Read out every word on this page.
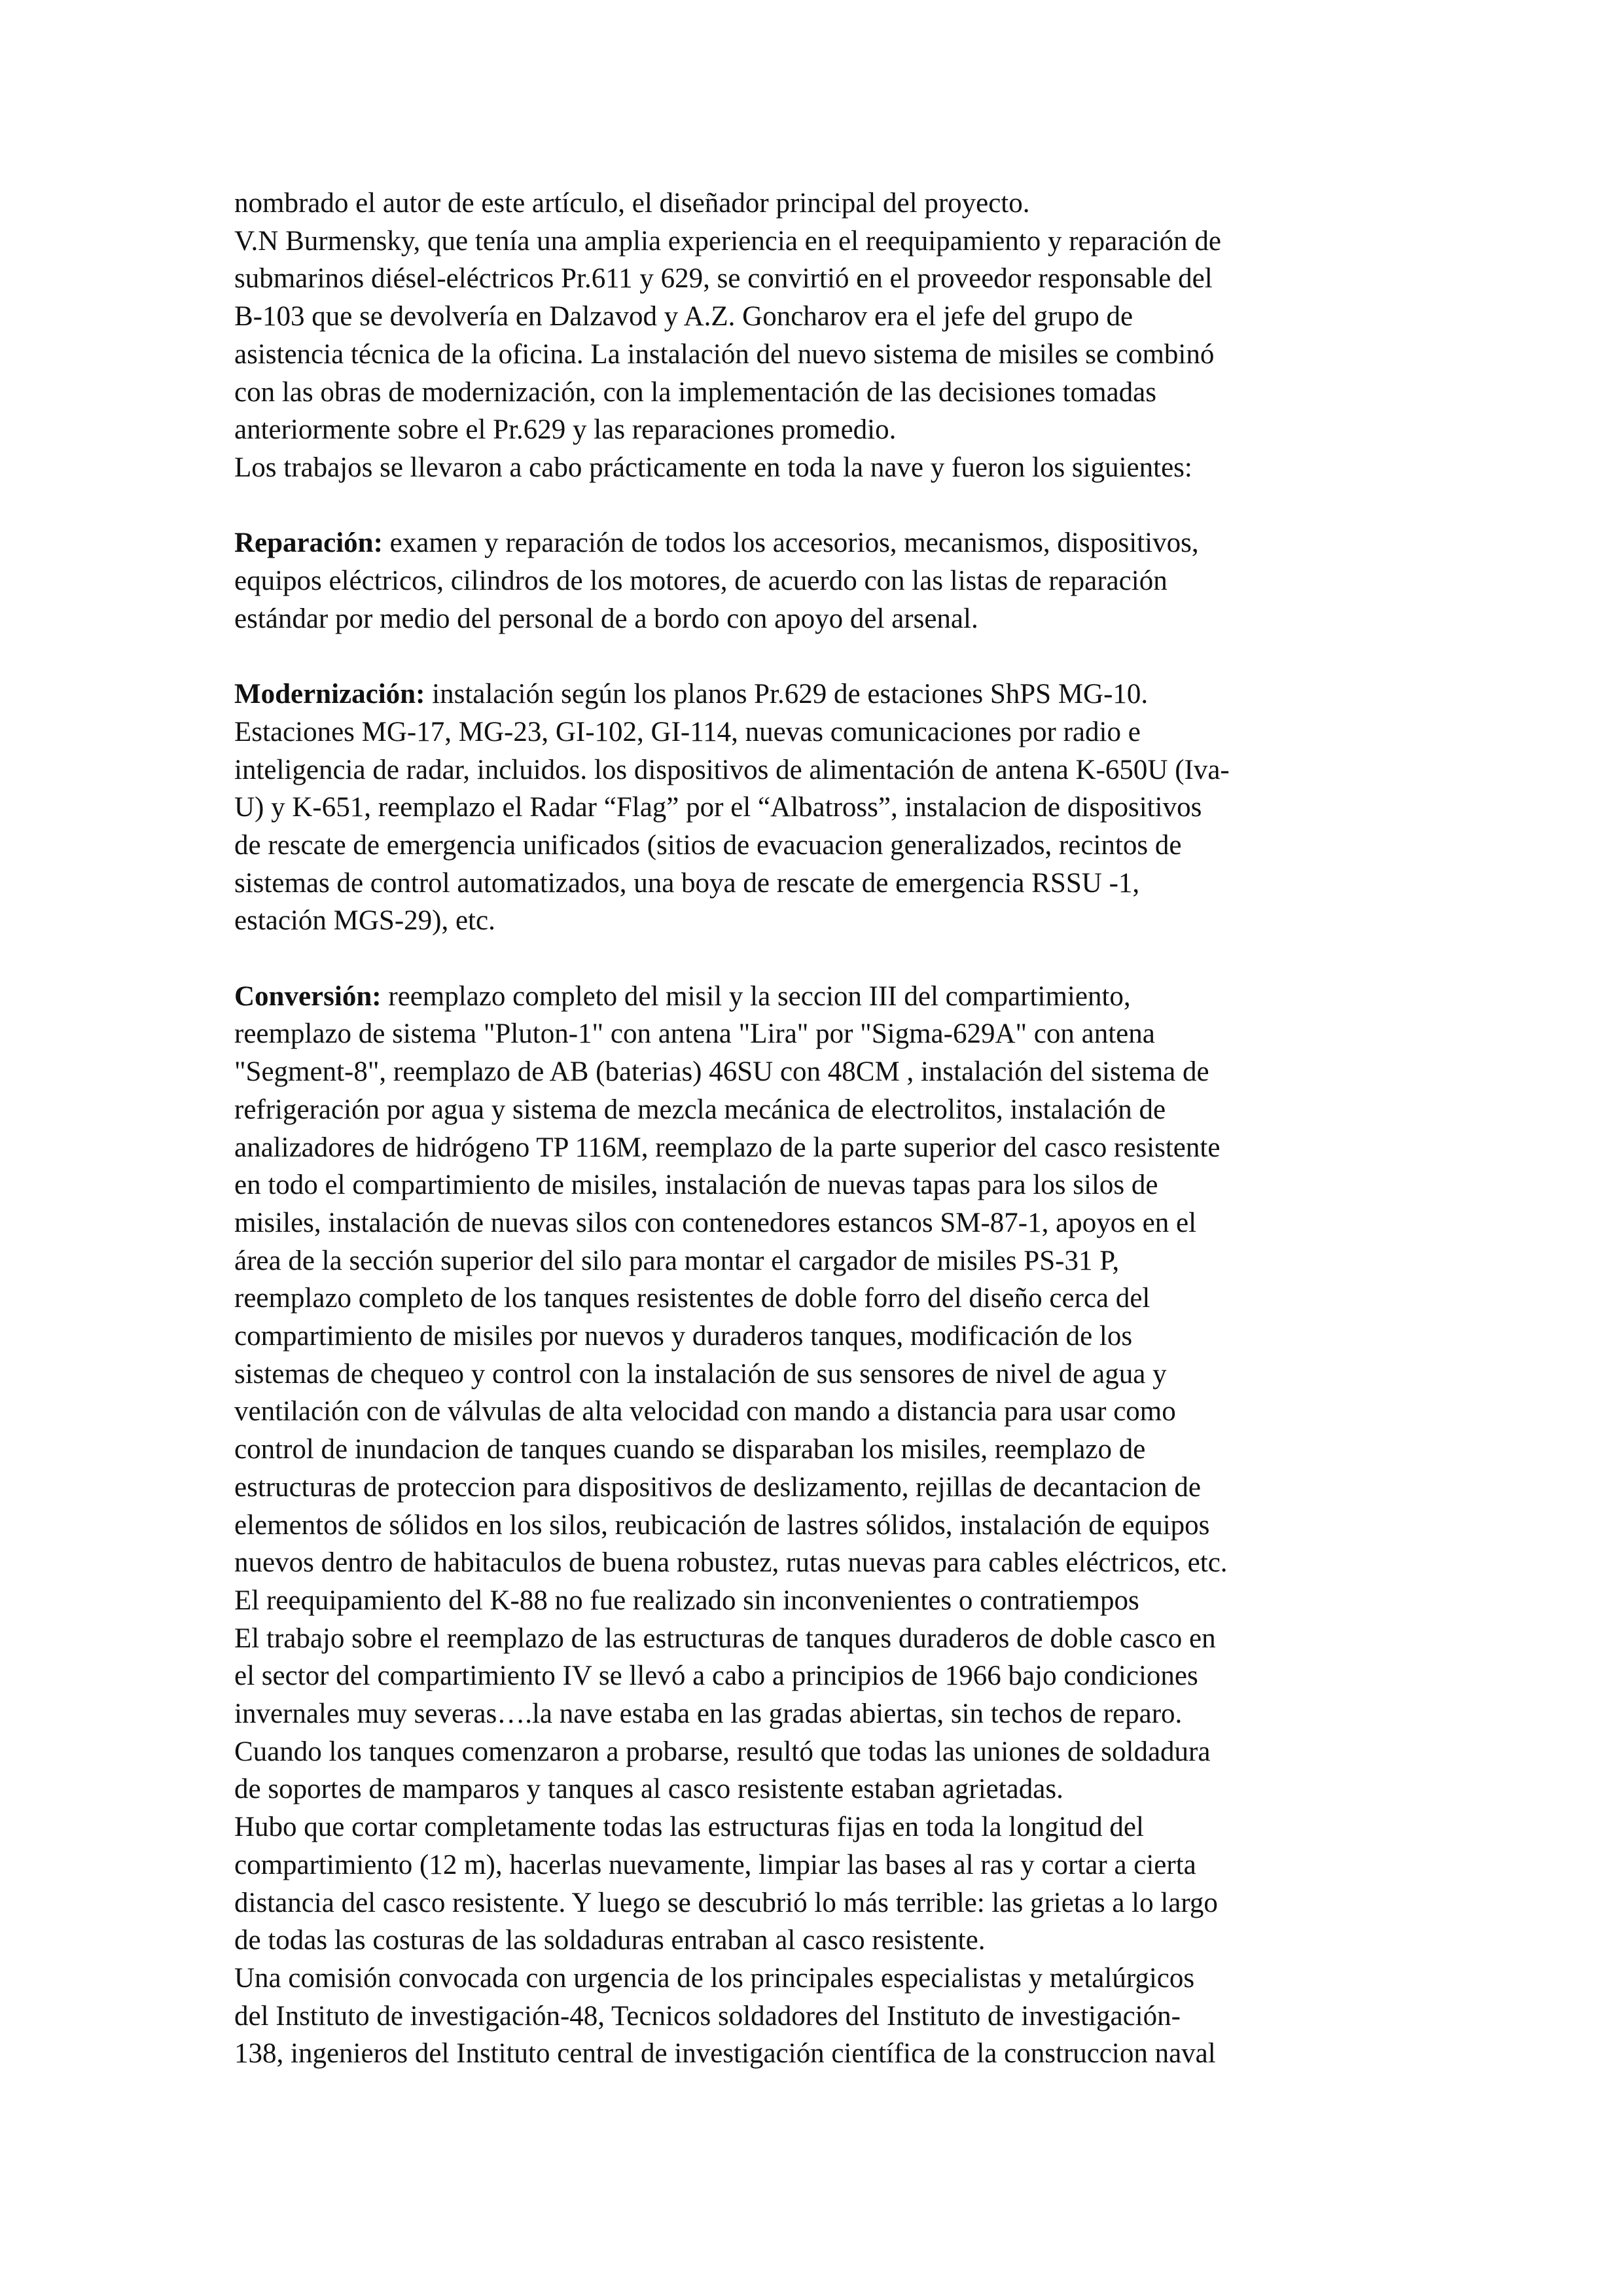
nombrado el autor de este artículo, el diseñador principal del proyecto.

V.N Burmensky, que tenía una amplia experiencia en el reequipamiento y reparación de

submarinos diésel-eléctricos Pr.611 y 629, se convirtió en el proveedor responsable del

B-103 que se devolvería en Dalzavod y A.Z. Goncharov era el jefe del grupo de

asistencia técnica de la oficina. La instalación del nuevo sistema de misiles se combinó

con las obras de modernización, con la implementación de las decisiones tomadas

anteriormente sobre el Pr.629 y las reparaciones promedio.

Los trabajos se llevaron a cabo prácticamente en toda la nave y fueron los siguientes:

Reparación: examen y reparación de todos los accesorios, mecanismos, dispositivos,

equipos eléctricos, cilindros de los motores, de acuerdo con las listas de reparación

estándar por medio del personal de a bordo con apoyo del arsenal.

Modernización: instalación según los planos Pr.629 de estaciones ShPS MG-10.

Estaciones MG-17, MG-23, GI-102, GI-114, nuevas comunicaciones por radio e

inteligencia de radar, incluidos. los dispositivos de alimentación de antena K-650U (Iva-

U) y K-651, reemplazo el Radar “Flag” por el “Albatross”, instalacion de dispositivos

de rescate de emergencia unificados (sitios de evacuacion generalizados, recintos de

sistemas de control automatizados, una boya de rescate de emergencia RSSU -1,

estación MGS-29), etc.

Conversión: reemplazo completo del misil y la seccion III del compartimiento,

reemplazo de sistema "Pluton-1" con antena "Lira" por "Sigma-629A" con antena

"Segment-8", reemplazo de AB (baterias) 46SU con 48CM , instalación del sistema de

refrigeración por agua y sistema de mezcla mecánica de electrolitos, instalación de

analizadores de hidrógeno TP 116M, reemplazo de la parte superior del casco resistente

en todo el compartimiento de misiles, instalación de nuevas tapas para los silos de

misiles, instalación de nuevas silos con contenedores estancos SM-87-1, apoyos en el

área de la sección superior del silo para montar el cargador de misiles PS-31 P,

reemplazo completo de los tanques resistentes de doble forro del diseño cerca del

compartimiento de misiles por nuevos y duraderos tanques, modificación de los

sistemas de chequeo y control con la instalación de sus sensores de nivel de agua y

ventilación con de válvulas de alta velocidad con mando a distancia para usar como

control de inundacion de tanques cuando se disparaban los misiles, reemplazo de

estructuras de proteccion para dispositivos de deslizamento, rejillas de decantacion de

elementos de sólidos en los silos, reubicación de lastres sólidos, instalación de equipos

nuevos dentro de habitaculos de buena robustez, rutas nuevas para cables eléctricos, etc.

El reequipamiento del K-88 no fue realizado sin inconvenientes o contratiempos

El trabajo sobre el reemplazo de las estructuras de tanques duraderos de doble casco en

el sector del compartimiento IV se llevó a cabo a principios de 1966 bajo condiciones

invernales muy severas….la nave estaba en las gradas abiertas, sin techos de reparo.

Cuando los tanques comenzaron a probarse, resultó que todas las uniones de soldadura

de soportes de mamparos y tanques al casco resistente estaban agrietadas.

Hubo que cortar completamente todas las estructuras fijas en toda la longitud del

compartimiento (12 m), hacerlas nuevamente, limpiar las bases al ras y cortar a cierta

distancia del casco resistente. Y luego se descubrió lo más terrible: las grietas a lo largo

de todas las costuras de las soldaduras entraban al casco resistente.

Una comisión convocada con urgencia de los principales especialistas y metalúrgicos

del Instituto de investigación-48, Tecnicos soldadores del Instituto de investigación-

138, ingenieros del Instituto central de investigación científica de la construccion naval
